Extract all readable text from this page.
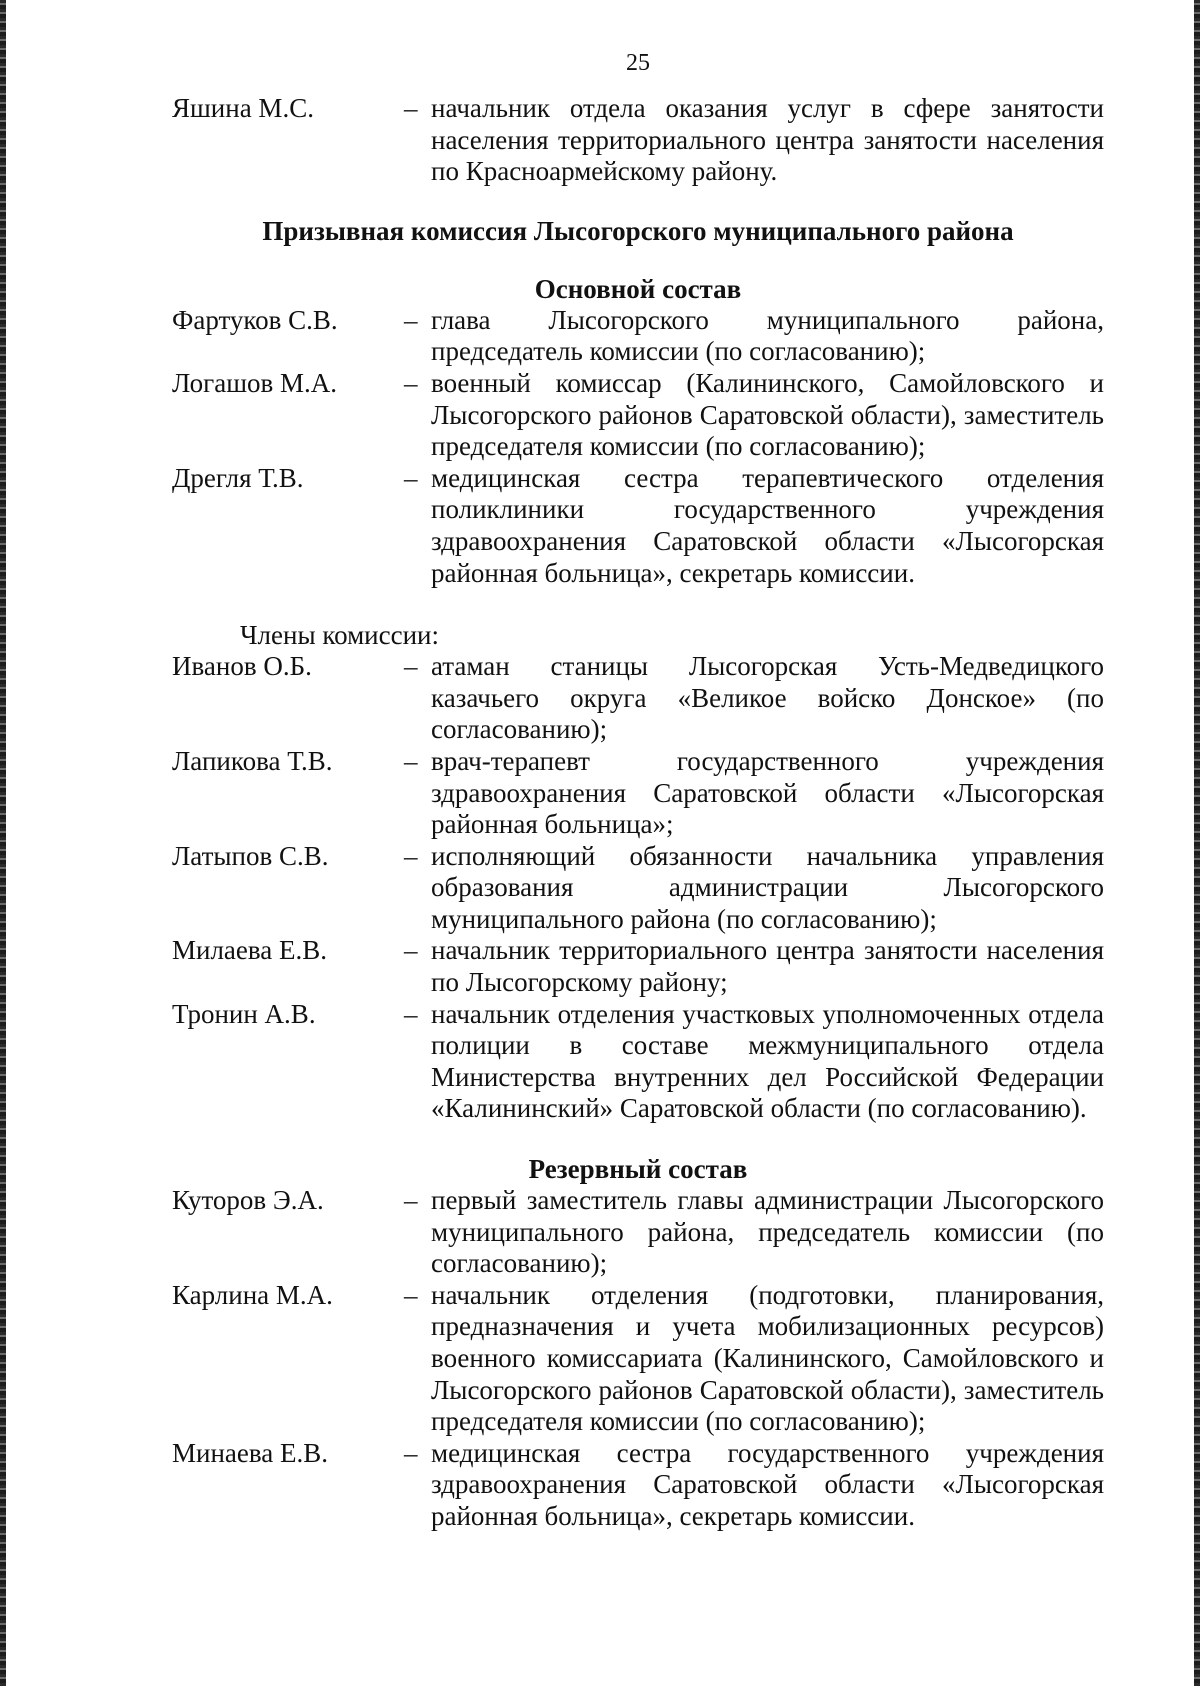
25
Яшина М.С.	– начальник отдела оказания услуг в сфере занятости населения территориального центра занятости населения по Красноармейскому району.
Призывная комиссия Лысогорского муниципального района
Основной состав
Фартуков С.В.	– глава Лысогорского муниципального района, председатель комиссии (по согласованию);
Логашов М.А.	– военный комиссар (Калининского, Самойловского и Лысогорского районов Саратовской области), заместитель председателя комиссии (по согласованию);
Дрегля Т.В.	– медицинская сестра терапевтического отделения поликлиники государственного учреждения здравоохранения Саратовской области «Лысогорская районная больница», секретарь комиссии.
Члены комиссии:
Иванов О.Б.	– атаман станицы Лысогорская Усть-Медведицкого казачьего округа «Великое войско Донское» (по согласованию);
Лапикова Т.В.	– врач-терапевт государственного учреждения здравоохранения Саратовской области «Лысогорская районная больница»;
Латыпов С.В.	– исполняющий обязанности начальника управления образования администрации Лысогорского муниципального района (по согласованию);
Милаева Е.В.	– начальник территориального центра занятости населения по Лысогорскому району;
Тронин А.В.	– начальник отделения участковых уполномоченных отдела полиции в составе межмуниципального отдела Министерства внутренних дел Российской Федерации «Калининский» Саратовской области (по согласованию).
Резервный состав
Куторов Э.А.	– первый заместитель главы администрации Лысогорского муниципального района, председатель комиссии (по согласованию);
Карлина М.А.	– начальник отделения (подготовки, планирования, предназначения и учета мобилизационных ресурсов) военного комиссариата (Калининского, Самойловского и Лысогорского районов Саратовской области), заместитель председателя комиссии (по согласованию);
Минаева Е.В.	– медицинская сестра государственного учреждения здравоохранения Саратовской области «Лысогорская районная больница», секретарь комиссии.
